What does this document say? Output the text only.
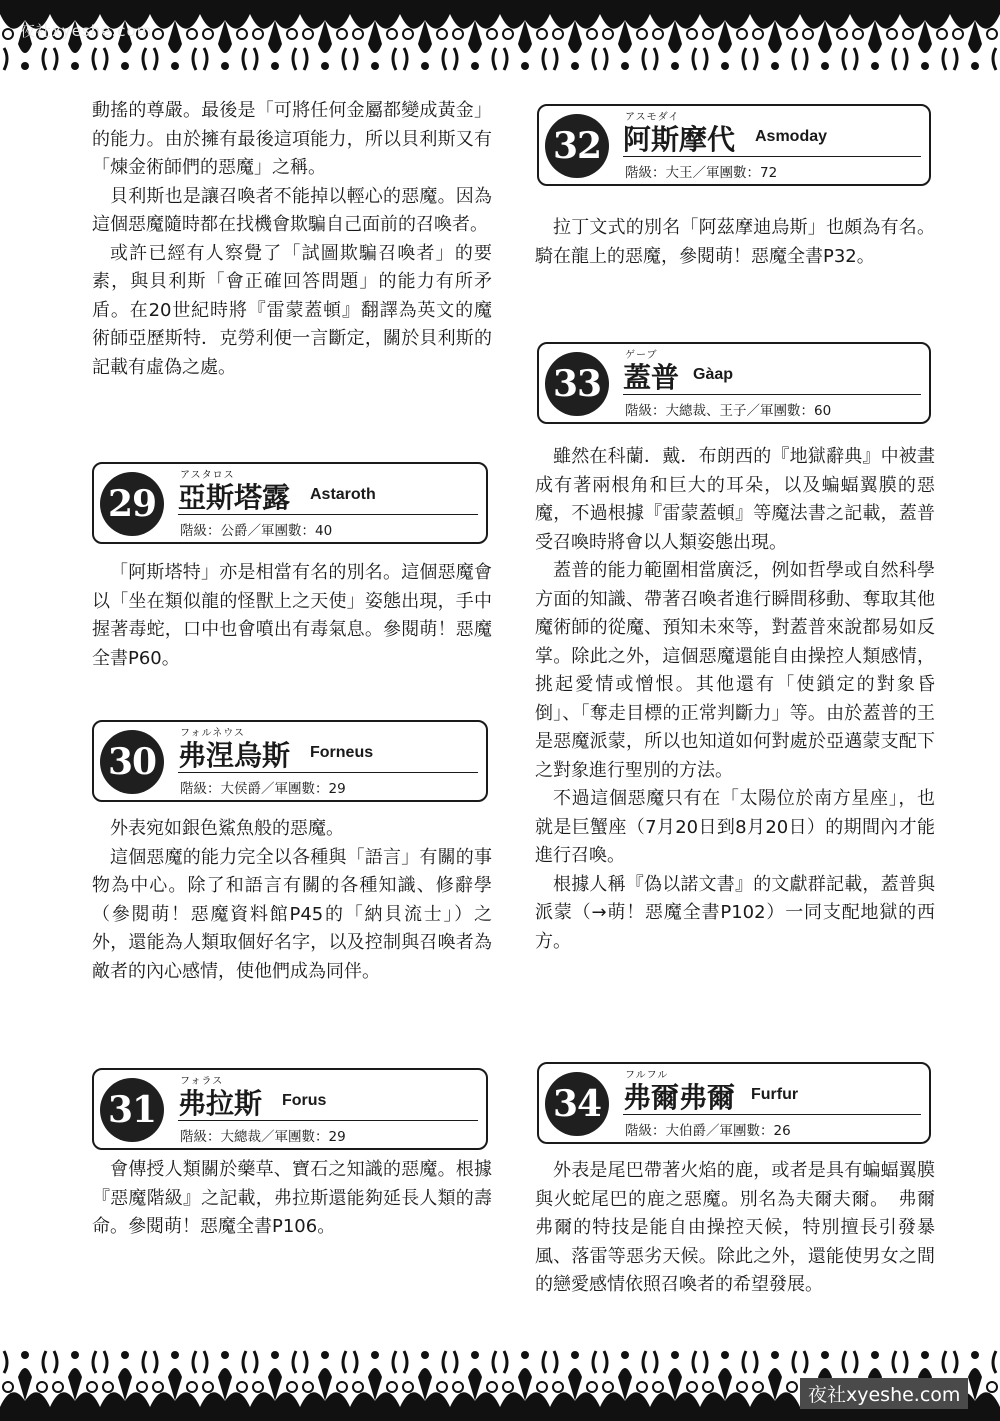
夜社xyeshe.com

動搖的尊嚴。最後是「可將任何金屬都變成黃金」的能力。由於擁有最後這項能力，所以貝利斯又有「煉金術師們的惡魔」之稱。

貝利斯也是讓召喚者不能掉以輕心的惡魔。因為這個惡魔隨時都在找機會欺騙自己面前的召喚者。

或許已經有人察覺了「試圖欺騙召喚者」的要素，與貝利斯「會正確回答問題」的能力有所矛盾。在20世紀時將『雷蒙蓋頓』翻譯為英文的魔術師亞歷斯特．克勞利便一言斷定，關於貝利斯的記載有虛偽之處。

29
アスタロス
亞斯塔露 Astaroth
階級：公爵／軍團數：40

「阿斯塔特」亦是相當有名的別名。這個惡魔會以「坐在類似龍的怪獸上之天使」姿態出現，手中握著毒蛇，口中也會噴出有毒氣息。參閱萌！惡魔全書P60。

30
フォルネウス
弗涅烏斯 Forneus
階級：大侯爵／軍團數：29

外表宛如銀色鯊魚般的惡魔。

這個惡魔的能力完全以各種與「語言」有關的事物為中心。除了和語言有關的各種知識、修辭學（參閱萌！惡魔資料館P45的「納貝流士」）之外，還能為人類取個好名字，以及控制與召喚者為敵者的內心感情，使他們成為同伴。

31
フォラス
弗拉斯 Forus
階級：大總裁／軍團數：29

會傳授人類關於藥草、寶石之知識的惡魔。根據『惡魔階級』之記載，弗拉斯還能夠延長人類的壽命。參閱萌！惡魔全書P106。

32
アスモダイ
阿斯摩代 Asmoday
階級：大王／軍團數：72

拉丁文式的別名「阿茲摩迪烏斯」也頗為有名。騎在龍上的惡魔，參閱萌！惡魔全書P32。

33
ゲーブ
蓋普 Gàap
階級：大總裁、王子／軍團數：60

雖然在科蘭．戴．布朗西的『地獄辭典』中被畫成有著兩根角和巨大的耳朵，以及蝙蝠翼膜的惡魔，不過根據『雷蒙蓋頓』等魔法書之記載，蓋普受召喚時將會以人類姿態出現。

蓋普的能力範圍相當廣泛，例如哲學或自然科學方面的知識、帶著召喚者進行瞬間移動、奪取其他魔術師的從魔、預知未來等，對蓋普來說都易如反掌。除此之外，這個惡魔還能自由操控人類感情，挑起愛情或憎恨。其他還有「使鎖定的對象昏倒」、「奪走目標的正常判斷力」等。由於蓋普的王是惡魔派蒙，所以也知道如何對處於亞邁蒙支配下之對象進行聖別的方法。

不過這個惡魔只有在「太陽位於南方星座」，也就是巨蟹座（7月20日到8月20日）的期間內才能進行召喚。

根據人稱『偽以諾文書』的文獻群記載，蓋普與派蒙（→萌！惡魔全書P102）一同支配地獄的西方。

34
フルフル
弗爾弗爾 Furfur
階級：大伯爵／軍團數：26

外表是尾巴帶著火焰的鹿，或者是具有蝙蝠翼膜與火蛇尾巴的鹿之惡魔。別名為夫爾夫爾。　弗爾弗爾的特技是能自由操控天候，特別擅長引發暴風、落雷等惡劣天候。除此之外，還能使男女之間的戀愛感情依照召喚者的希望發展。

夜社xyeshe.com
